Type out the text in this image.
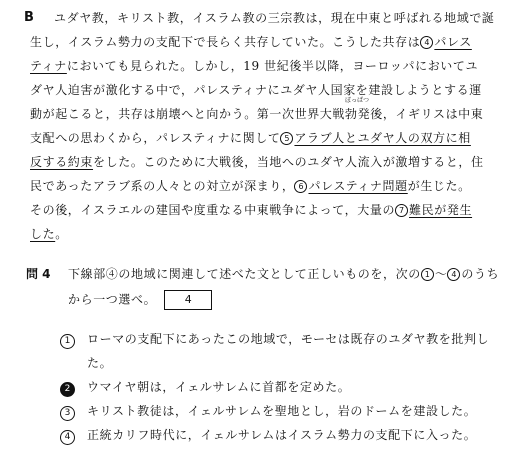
B ユダヤ教，キリスト教，イスラム教の三宗教は，現在中東と呼ばれる地域で誕
生し，イスラム勢力の支配下で長らく共存していた。こうした共存は 4 パレス
ティナにおいても見られた。しかし，19 世紀後半以降，ヨーロッパにおいてユ
ダヤ人迫害が激化する中で，パレスティナにユダヤ人国家を建設しようとする運
動が起こると，共存は崩壊へと向かう。第一次世界大戦
ぼっぱつ
勃発後，イギリスは中東
支配への思わくから，パレスティナに関して 5 アラブ人とユダヤ人の双方に相
反する約束をした。このために大戦後，当地へのユダヤ人流入が激増すると，住
民であったアラブ系の人々との対立が深まり， 6 パレスティナ問題が生じた。
その後，イスラエルの建国や度重なる中東戦争によって，大量の 7 難民が発生
した。
問 4 下線部④の地域に関連して述べた文として正しいものを，次の 1 ～ 4 のうち
から一つ選べ。	4
1 ローマの支配下にあったこの地域で，モーセは既存のユダヤ教を批判し
た。
2 ウマイヤ朝は，イェルサレムに首都を定めた。
3 キリスト教徒は，イェルサレムを聖地とし，岩のドームを建設した。
4 正統カリフ時代に，イェルサレムはイスラム勢力の支配下に入った。
